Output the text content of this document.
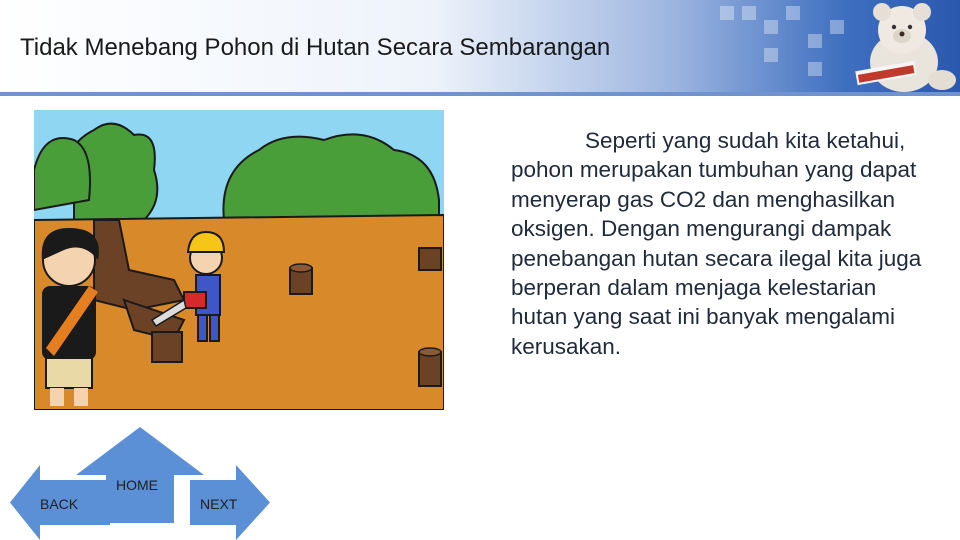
Tidak Menebang Pohon di Hutan Secara Sembarangan
Seperti yang sudah kita ketahui, pohon merupakan tumbuhan yang dapat menyerap gas CO2 dan menghasilkan oksigen. Dengan mengurangi dampak penebangan hutan secara ilegal kita juga berperan dalam menjaga kelestarian hutan yang saat ini banyak mengalami kerusakan.
BACK
HOME
NEXT
